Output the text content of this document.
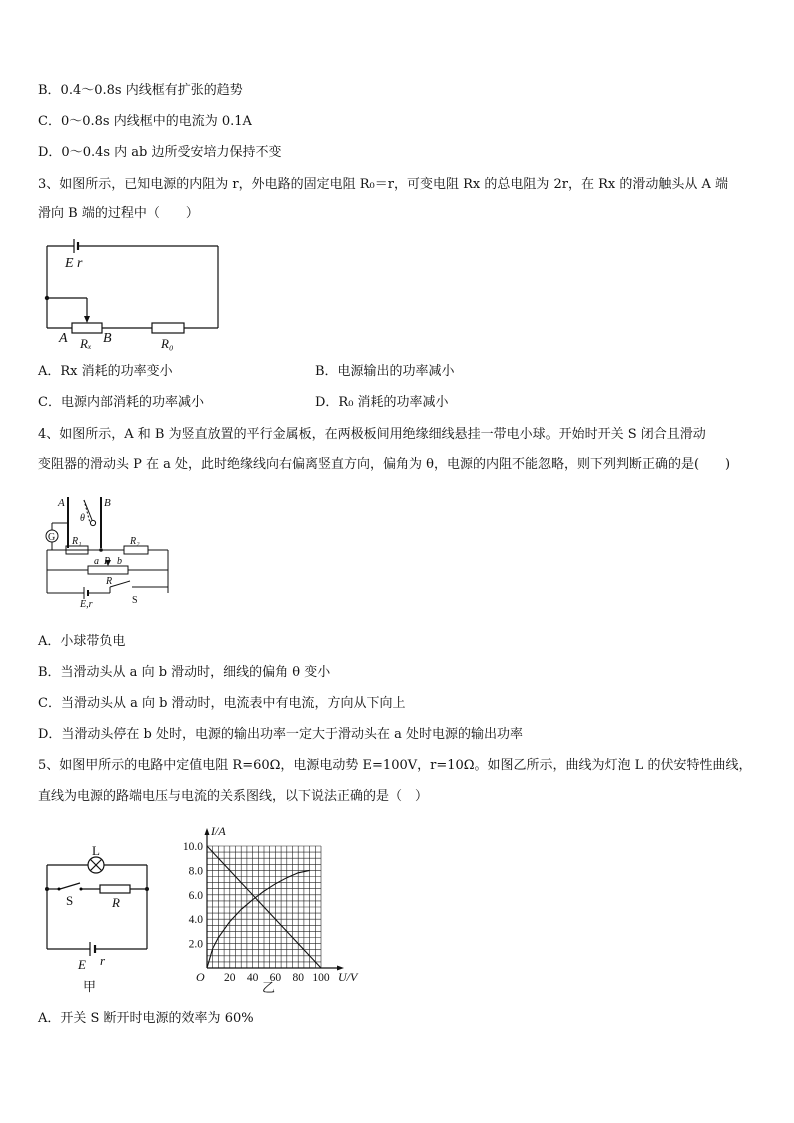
B．0.4～0.8s 内线框有扩张的趋势
C．0～0.8s 内线框中的电流为 0.1A
D．0～0.4s 内 ab 边所受安培力保持不变
3、如图所示，已知电源的内阻为 r，外电路的固定电阻 R₀＝r，可变电阻 Rx 的总电阻为 2r，在 Rx 的滑动触头从 A 端
滑向 B 端的过程中（　　）
E r
A	B
Rₓ	R₀
A．Rx 消耗的功率变小	B．电源输出的功率减小
C．电源内部消耗的功率减小	D．R₀ 消耗的功率减小
4、如图所示，A 和 B 为竖直放置的平行金属板，在两极板间用绝缘细线悬挂一带电小球。开始时开关 S 闭合且滑动
变阻器的滑动头 P 在 a 处，此时绝缘线向右偏离竖直方向，偏角为 θ，电源的内阻不能忽略，则下列判断正确的是(　　)
A	B
θ
G R₁	R₂
a P b
R
E,r	S
A．小球带负电
B．当滑动头从 a 向 b 滑动时，细线的偏角 θ 变小
C．当滑动头从 a 向 b 滑动时，电流表中有电流，方向从下向上
D．当滑动头停在 b 处时，电源的输出功率一定大于滑动头在 a 处时电源的输出功率
5、如图甲所示的电路中定值电阻 R=60Ω，电源电动势 E=100V，r=10Ω。如图乙所示，曲线为灯泡 L 的伏安特性曲线，
直线为电源的路端电压与电流的关系图线，以下说法正确的是（　）
L
S	R
E r
甲
20 40 60 80 100
2.0
4.0
6.0
8.0
10.0
I/A
U/V
O
乙
A．开关 S 断开时电源的效率为 60%
